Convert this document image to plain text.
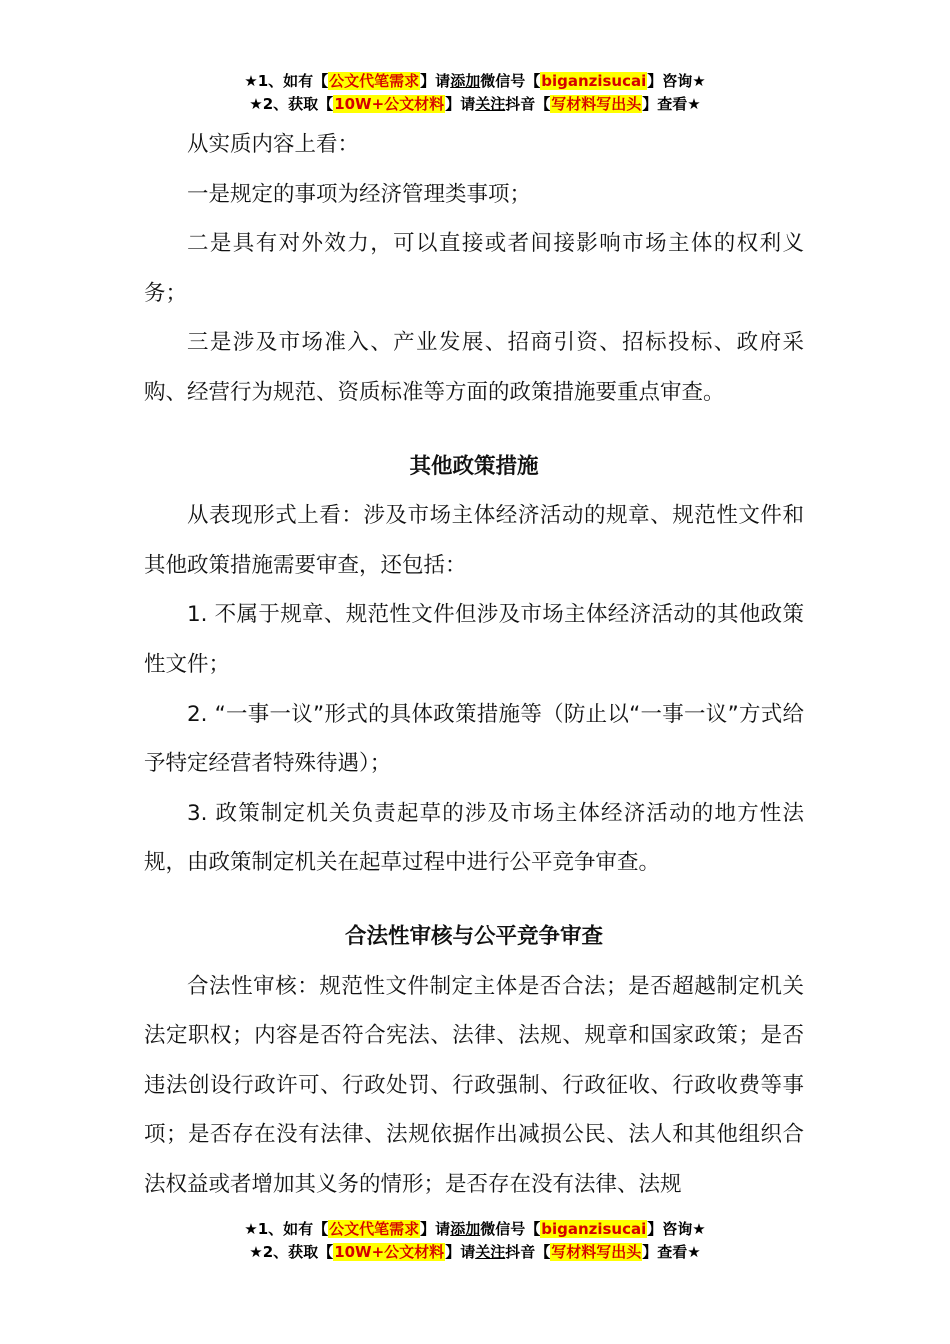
★1、如有【公文代笔需求】请添加微信号【biganzisucai】咨询★
★2、获取【10W+公文材料】请关注抖音【写材料写出头】查看★

从实质内容上看：

一是规定的事项为经济管理类事项；

二是具有对外效力，可以直接或者间接影响市场主体的权利义务；

三是涉及市场准入、产业发展、招商引资、招标投标、政府采购、经营行为规范、资质标准等方面的政策措施要重点审查。

其他政策措施

从表现形式上看：涉及市场主体经济活动的规章、规范性文件和其他政策措施需要审查，还包括：

1. 不属于规章、规范性文件但涉及市场主体经济活动的其他政策性文件；

2. “一事一议”形式的具体政策措施等（防止以“一事一议”方式给予特定经营者特殊待遇）；

3. 政策制定机关负责起草的涉及市场主体经济活动的地方性法规，由政策制定机关在起草过程中进行公平竞争审查。

合法性审核与公平竞争审查

合法性审核：规范性文件制定主体是否合法；是否超越制定机关法定职权；内容是否符合宪法、法律、法规、规章和国家政策；是否违法创设行政许可、行政处罚、行政强制、行政征收、行政收费等事项；是否存在没有法律、法规依据作出减损公民、法人和其他组织合法权益或者增加其义务的情形；是否存在没有法律、法规

★1、如有【公文代笔需求】请添加微信号【biganzisucai】咨询★
★2、获取【10W+公文材料】请关注抖音【写材料写出头】查看★
